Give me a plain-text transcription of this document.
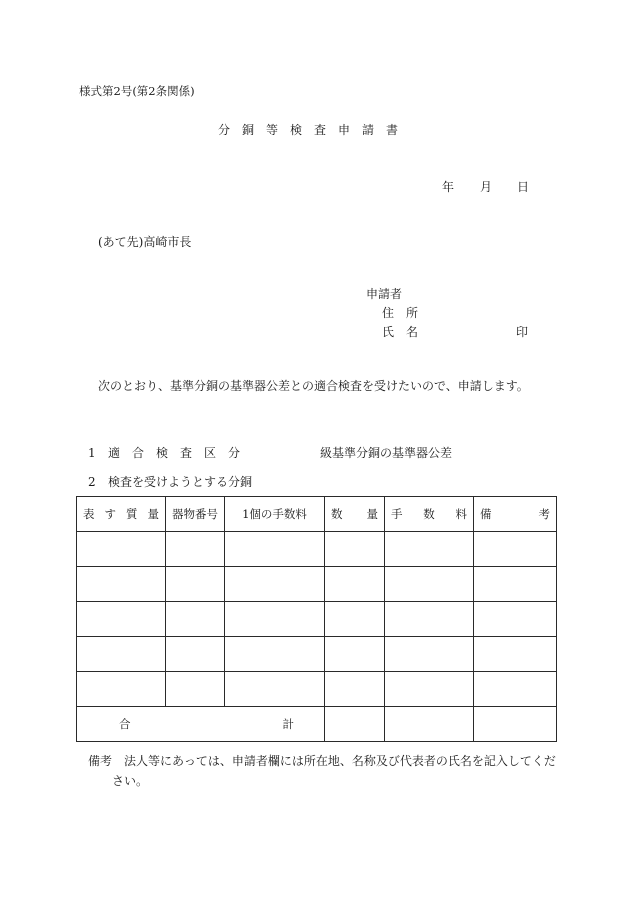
様式第2号(第2条関係)
分　銅　等　検　査　申　請　書
年 月 日
(あて先)高崎市長
申請者
住　所
氏　名	印
次のとおり、基準分銅の基準器公差との適合検査を受けたいので、申請します。
1 適　合　検　査　区　分	級基準分銅の基準器公差
2 検査を受けようとする分銅
表 す 質 量	器物番号	1個の手数料	数 量	手 数 料	備 考

合 計					

備考 法人等にあっては、申請者欄には所在地、名称及び代表者の氏名を記入してくだ
さい。
